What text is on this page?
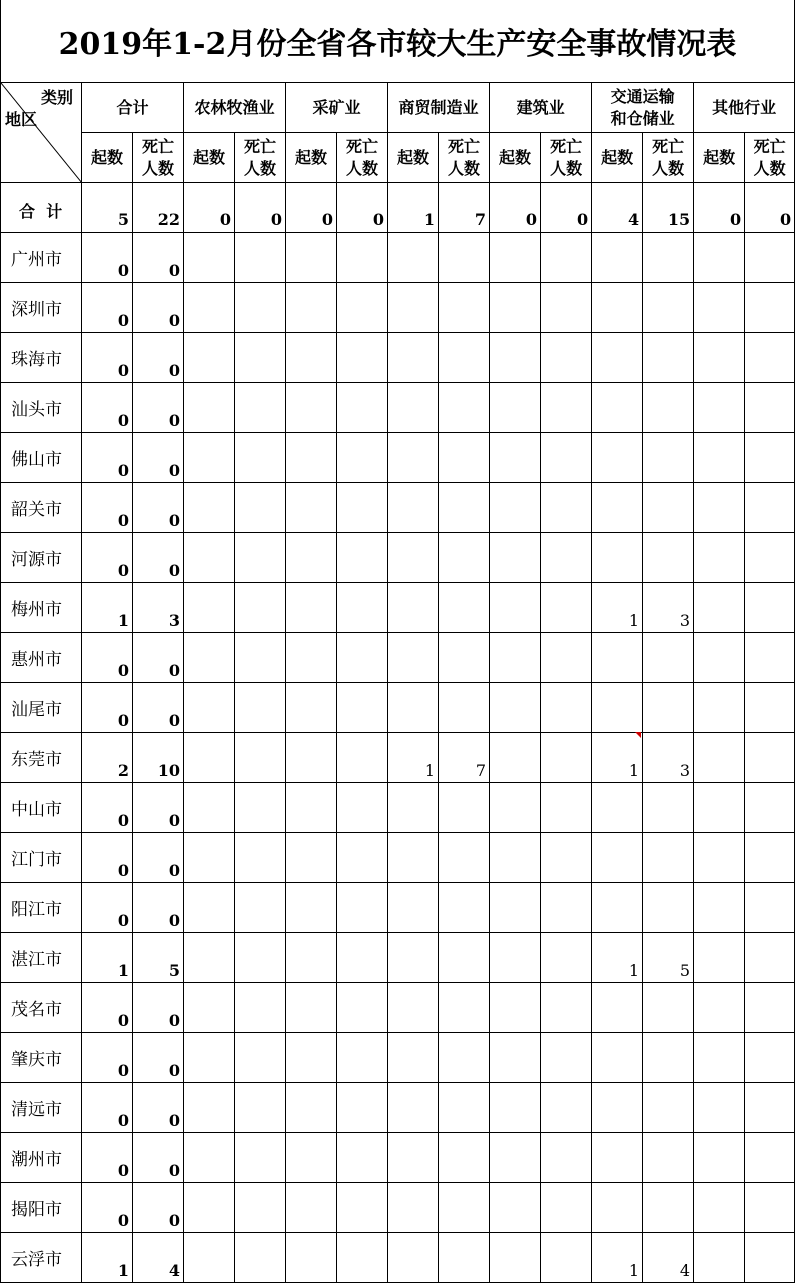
2019年1-2月份全省各市较大生产安全事故情况表
类别
地区	合计		农林牧渔业		采矿业		商贸制造业		建筑业		交通运输和仓储业		其他行业	
	起数	死亡人数	起数	死亡人数	起数	死亡人数	起数	死亡人数	起数	死亡人数	起数	死亡人数	起数	死亡人数
合  计	5	22	0	0	0	0	1	7	0	0	4	15	0	0
广州市	0	0												
深圳市	0	0												
珠海市	0	0												
汕头市	0	0												
佛山市	0	0												
韶关市	0	0												
河源市	0	0												
梅州市	1	3									1	3		
惠州市	0	0												
汕尾市	0	0												
东莞市	2	10					1	7			1	3		
中山市	0	0												
江门市	0	0												
阳江市	0	0												
湛江市	1	5									1	5		
茂名市	0	0												
肇庆市	0	0												
清远市	0	0												
潮州市	0	0												
揭阳市	0	0												
云浮市	1	4									1	4		
